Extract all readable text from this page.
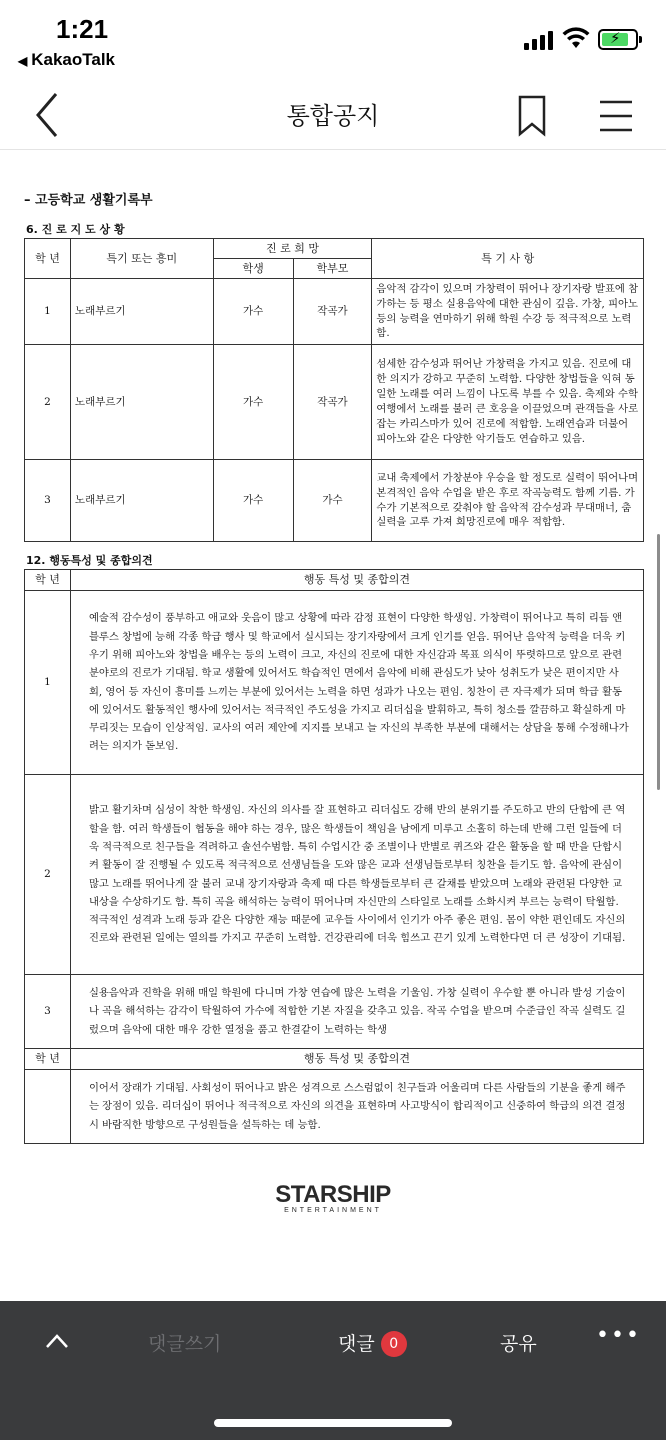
1:21
◀ KakaoTalk
⚡
통합공지
– 고등학교 생활기록부
6. 진 로 지 도 상 황
학 년	특기 또는 흥미	진 로 희 망		특 기 사 항
		학생	학부모	
1	노래부르기	가수	작곡가	음악적 감각이 있으며 가창력이 뛰어나 장기자랑 발표에 참가하는 등 평소 실용음악에 대한 관심이 깊음. 가창, 피아노 등의 능력을 연마하기 위해 학원 수강 등 적극적으로 노력함.
2	노래부르기	가수	작곡가	섬세한 감수성과 뛰어난 가창력을 가지고 있음. 진로에 대한 의지가 강하고 꾸준히 노력함. 다양한 창법들을 익혀 동일한 노래를 여러 느낌이 나도록 부를 수 있음. 축제와 수학여행에서 노래를 불러 큰 호응을 이끌었으며 관객들을 사로잡는 카리스마가 있어 진로에 적합함. 노래연습과 더불어 피아노와 같은 다양한 악기들도 연습하고 있음.
3	노래부르기	가수	가수	교내 축제에서 가창분야 우승을 할 정도로 실력이 뛰어나며 본격적인 음악 수업을 받은 후로 작곡능력도 함께 기름. 가수가 기본적으로 갖춰야 할 음악적 감수성과 무대매너, 춤실력을 고루 가져 희망진로에 매우 적합함.
12. 행동특성 및 종합의견
학 년	행동 특성 및 종합의견
1	예술적 감수성이 풍부하고 애교와 웃음이 많고 상황에 따라 감정 표현이 다양한 학생임. 가창력이 뛰어나고 특히 리듬 앤 블루스 창법에 능해 각종 학급 행사 및 학교에서 실시되는 장기자랑에서 크게 인기를 얻음. 뛰어난 음악적 능력을 더욱 키우기 위해 피아노와 창법을 배우는 등의 노력이 크고, 자신의 진로에 대한 자신감과 목표 의식이 뚜렷하므로 앞으로 관련 분야로의 진로가 기대됨. 학교 생활에 있어서도 학습적인 면에서 음악에 비해 관심도가 낮아 성취도가 낮은 편이지만 사회, 영어 등 자신이 흥미를 느끼는 부분에 있어서는 노력을 하면 성과가 나오는 편임. 칭찬이 큰 자극제가 되며 학급 활동에 있어서도 활동적인 행사에 있어서는 적극적인 주도성을 가지고 리더십을 발휘하고, 특히 청소를 깔끔하고 확실하게 마무리짓는 모습이 인상적임. 교사의 여러 제안에 지지를 보내고 늘 자신의 부족한 부분에 대해서는 상담을 통해 수정해나가려는 의지가 돋보임.
2	밝고 활기차며 심성이 착한 학생임. 자신의 의사를 잘 표현하고 리더십도 강해 반의 분위기를 주도하고 반의 단합에 큰 역할을 함. 여러 학생들이 협동을 해야 하는 경우, 많은 학생들이 책임을 남에게 미루고 소홀히 하는데 반해 그런 일들에 더욱 적극적으로 친구들을 격려하고 솔선수범함. 특히 수업시간 중 조별이나 반별로 퀴즈와 같은 활동을 할 때 반을 단합시켜 활동이 잘 진행될 수 있도록 적극적으로 선생님들을 도와 많은 교과 선생님들로부터 칭찬을 듣기도 함. 음악에 관심이 많고 노래를 뛰어나게 잘 불러 교내 장기자랑과 축제 때 다른 학생들로부터 큰 갈채를 받았으며 노래와 관련된 다양한 교내상을 수상하기도 함. 특히 곡을 해석하는 능력이 뛰어나며 자신만의 스타일로 노래를 소화시켜 부르는 능력이 탁월함. 적극적인 성격과 노래 등과 같은 다양한 재능 때문에 교우들 사이에서 인기가 아주 좋은 편임. 몸이 약한 편인데도 자신의 진로와 관련된 일에는 열의를 가지고 꾸준히 노력함. 건강관리에 더욱 힘쓰고 끈기 있게 노력한다면 더 큰 성장이 기대됨.
3	실용음악과 진학을 위해 매일 학원에 다니며 가창 연습에 많은 노력을 기울임. 가창 실력이 우수할 뿐 아니라 발성 기술이나 곡을 해석하는 감각이 탁월하여 가수에 적합한 기본 자질을 갖추고 있음. 작곡 수업을 받으며 수준급인 작곡 실력도 길렀으며 음악에 대한 매우 강한 열정을 품고 한결같이 노력하는 학생
학 년	행동 특성 및 종합의견
	이어서 장래가 기대됨. 사회성이 뛰어나고 밝은 성격으로 스스럼없이 친구들과 어울리며 다른 사람들의 기분을 좋게 해주는 장점이 있음. 리더십이 뛰어나 적극적으로 자신의 의견을 표현하며 사고방식이 합리적이고 신중하여 학급의 의견 결정 시 바람직한 방향으로 구성원들을 설득하는 데 능함.
STARSHIP
ENTERTAINMENT
댓글쓰기	댓글 0	공유	•••
